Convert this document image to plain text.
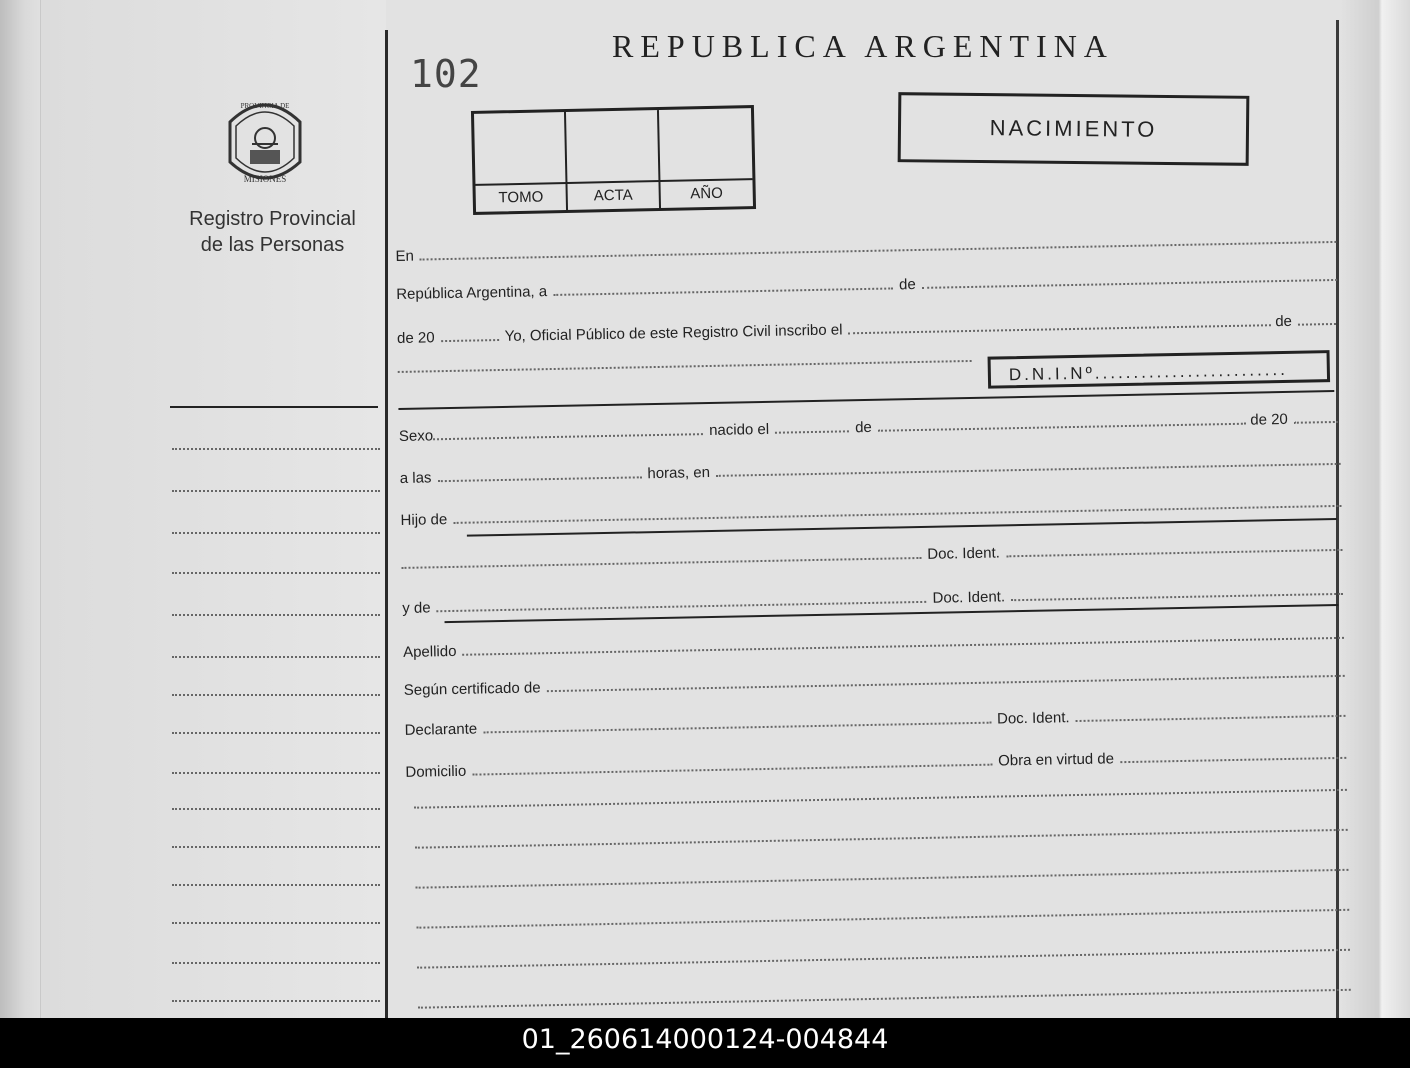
PROVINCIA DE
MISIONES
Registro Provincial
de las Personas
102
REPUBLICA ARGENTINA
TOMO	ACTA	AÑO
NACIMIENTO
En
República Argentina, a	de
de 20	Yo, Oficial Público de este Registro Civil inscribo el	de
D.N.I.Nº.........................
Sexo	nacido el	de	de 20
a las	horas, en
Hijo de
Doc. Ident.
y de
Doc. Ident.
Apellido
Según certificado de
Declarante
Doc. Ident.
Domicilio
Obra en virtud de
01_260614000124-004844
